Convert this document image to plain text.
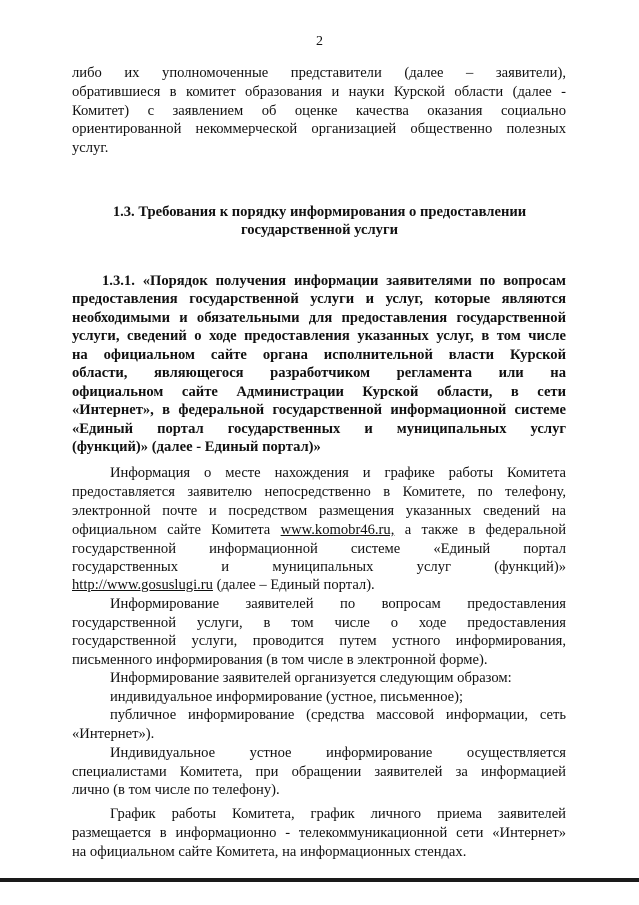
2
либо их уполномоченные представители (далее – заявители),
обратившиеся в комитет образования и науки Курской области (далее -
Комитет) с заявлением об оценке качества оказания социально
ориентированной некоммерческой организацией общественно полезных
услуг.
1.3. Требования к порядку информирования о предоставлении
государственной услуги
1.3.1. «Порядок получения информации заявителями по вопросам
предоставления государственной услуги и услуг, которые являются
необходимыми и обязательными для предоставления государственной
услуги, сведений о ходе предоставления указанных услуг, в том числе
на официальном сайте органа исполнительной власти Курской
области, являющегося разработчиком регламента или на
официальном сайте Администрации Курской области, в сети
«Интернет», в федеральной государственной информационной системе
«Единый портал государственных и муниципальных услуг
(функций)» (далее - Единый портал)»
Информация о месте нахождения и графике работы Комитета
предоставляется заявителю непосредственно в Комитете, по телефону,
электронной почте и посредством размещения указанных сведений на
официальном сайте Комитета www.komobr46.ru, а также в федеральной
государственной информационной системе «Единый портал
государственных и муниципальных услуг (функций)»
http://www.gosuslugi.ru (далее – Единый портал).
Информирование заявителей по вопросам предоставления
государственной услуги, в том числе о ходе предоставления
государственной услуги, проводится путем устного информирования,
письменного информирования (в том числе в электронной форме).
Информирование заявителей организуется следующим образом:
индивидуальное информирование (устное, письменное);
публичное информирование (средства массовой информации, сеть
«Интернет»).
Индивидуальное устное информирование осуществляется
специалистами Комитета, при обращении заявителей за информацией
лично (в том числе по телефону).
График работы Комитета, график личного приема заявителей
размещается в информационно - телекоммуникационной сети «Интернет»
на официальном сайте Комитета, на информационных стендах.
